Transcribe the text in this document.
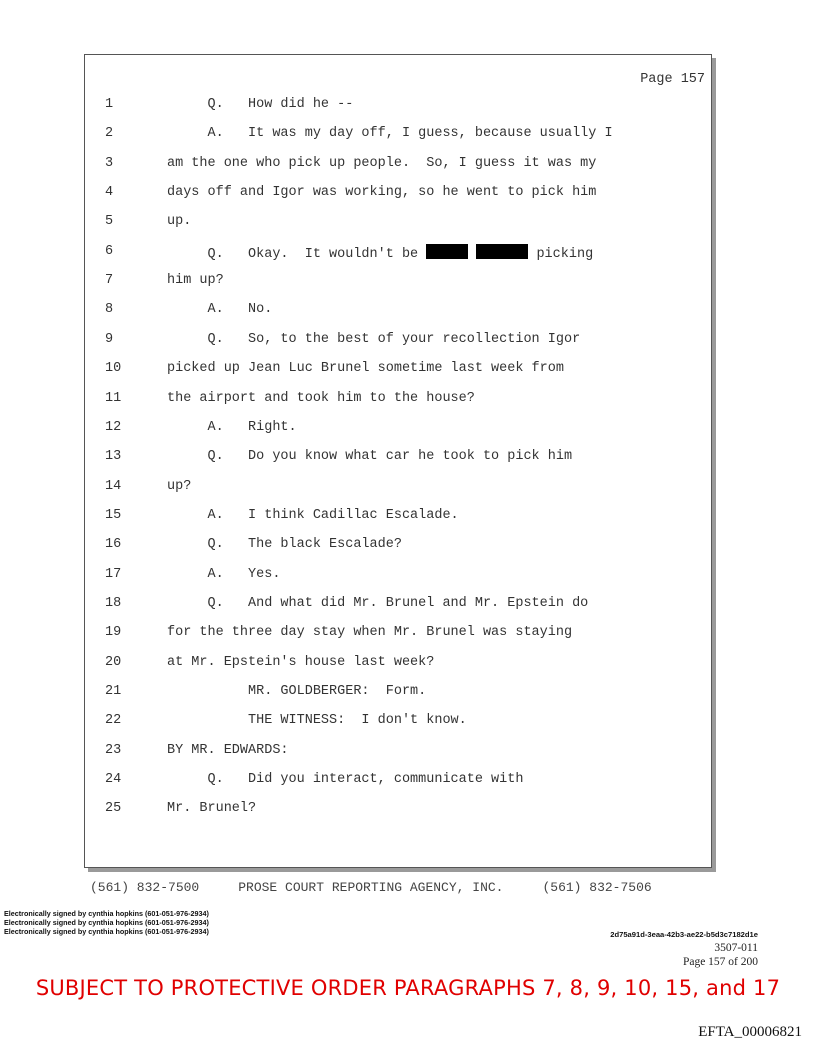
Page 157
1	Q.   How did he --
2	A.   It was my day off, I guess, because usually I
3	am the one who pick up people.  So, I guess it was my
4	days off and Igor was working, so he went to pick him
5	up.
6	Q.   Okay.  It wouldn't be	picking
7	him up?
8	A.   No.
9	Q.   So, to the best of your recollection Igor
10	picked up Jean Luc Brunel sometime last week from
11	the airport and took him to the house?
12	A.   Right.
13	Q.   Do you know what car he took to pick him
14	up?
15	A.   I think Cadillac Escalade.
16	Q.   The black Escalade?
17	A.   Yes.
18	Q.   And what did Mr. Brunel and Mr. Epstein do
19	for the three day stay when Mr. Brunel was staying
20	at Mr. Epstein's house last week?
21	MR. GOLDBERGER:  Form.
22	THE WITNESS:  I don't know.
23	BY MR. EDWARDS:
24	Q.   Did you interact, communicate with
25	Mr. Brunel?
(561) 832-7500     PROSE COURT REPORTING AGENCY, INC.     (561) 832-7506
Electronically signed by cynthia hopkins (601-051-976-2934)
Electronically signed by cynthia hopkins (601-051-976-2934)
Electronically signed by cynthia hopkins (601-051-976-2934)	2d75a91d-3eaa-42b3-ae22-b5d3c7182d1e
3507-011
Page 157 of 200
SUBJECT TO PROTECTIVE ORDER PARAGRAPHS 7, 8, 9, 10, 15, and 17
EFTA_00006821
